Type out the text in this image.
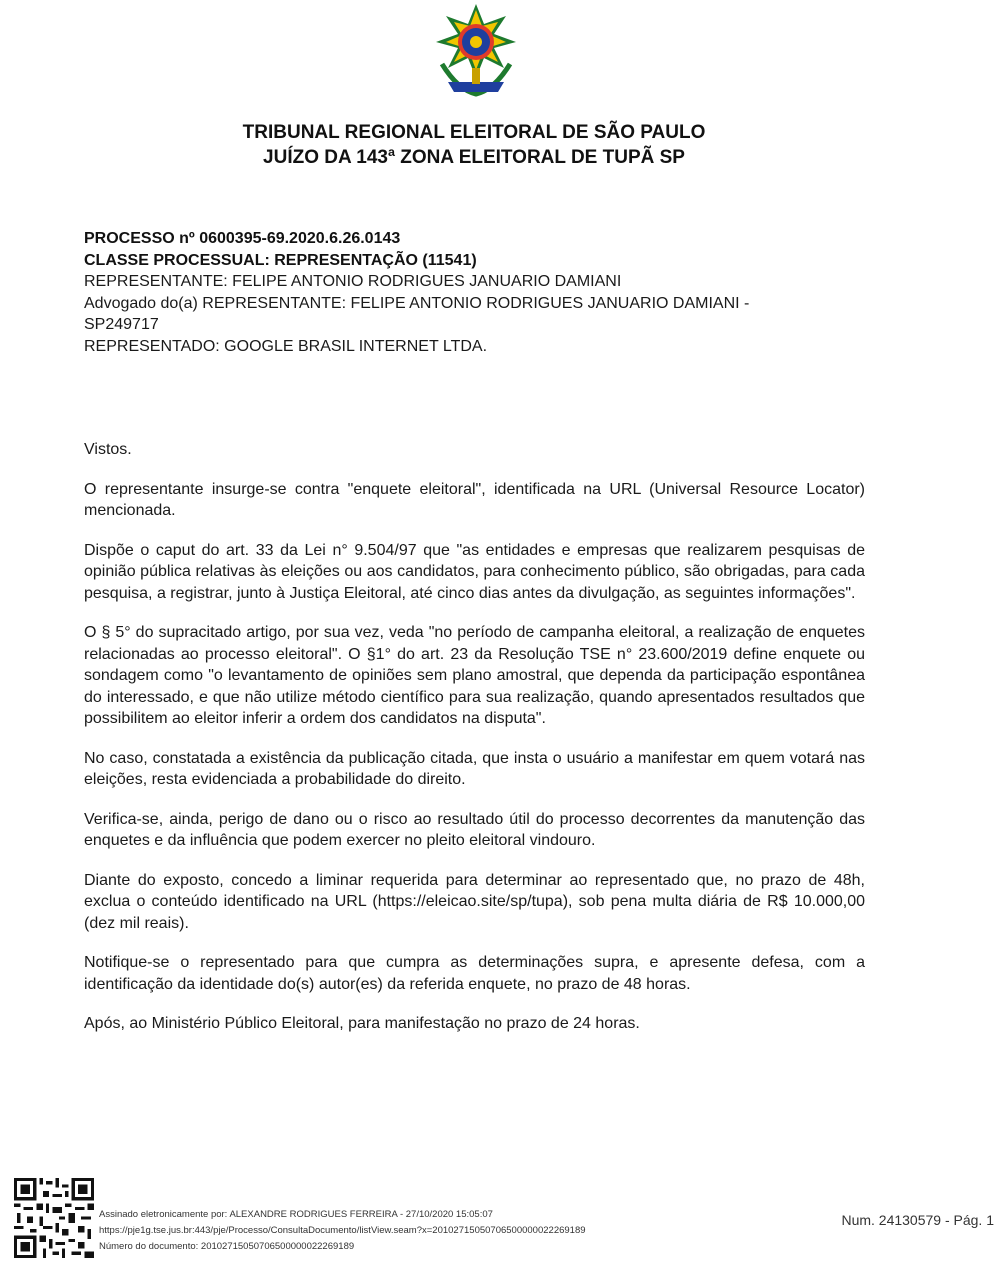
TRIBUNAL REGIONAL ELEITORAL DE SÃO PAULO
JUÍZO DA 143ª ZONA ELEITORAL DE TUPÃ SP
PROCESSO nº 0600395-69.2020.6.26.0143
CLASSE PROCESSUAL: REPRESENTAÇÃO (11541)
REPRESENTANTE: FELIPE ANTONIO RODRIGUES JANUARIO DAMIANI
Advogado do(a) REPRESENTANTE: FELIPE ANTONIO RODRIGUES JANUARIO DAMIANI -
SP249717
REPRESENTADO: GOOGLE BRASIL INTERNET LTDA.

Vistos.

O representante insurge-se contra "enquete eleitoral", identificada na URL (Universal Resource Locator) mencionada.

Dispõe o caput do art. 33 da Lei n° 9.504/97 que "as entidades e empresas que realizarem pesquisas de opinião pública relativas às eleições ou aos candidatos, para conhecimento público, são obrigadas, para cada pesquisa, a registrar, junto à Justiça Eleitoral, até cinco dias antes da divulgação, as seguintes informações".

O § 5° do supracitado artigo, por sua vez, veda "no período de campanha eleitoral, a realização de enquetes relacionadas ao processo eleitoral". O §1° do art. 23 da Resolução TSE n° 23.600/2019 define enquete ou sondagem como "o levantamento de opiniões sem plano amostral, que dependa da participação espontânea do interessado, e que não utilize método científico para sua realização, quando apresentados resultados que possibilitem ao eleitor inferir a ordem dos candidatos na disputa".

No caso, constatada a existência da publicação citada, que insta o usuário a manifestar em quem votará nas eleições, resta evidenciada a probabilidade do direito.

Verifica-se, ainda, perigo de dano ou o risco ao resultado útil do processo decorrentes da manutenção das enquetes e da influência que podem exercer no pleito eleitoral vindouro.

Diante do exposto, concedo a liminar requerida para determinar ao representado que, no prazo de 48h, exclua o conteúdo identificado na URL (https://eleicao.site/sp/tupa), sob pena multa diária de R$ 10.000,00 (dez mil reais).

Notifique-se o representado para que cumpra as determinações supra, e apresente defesa, com a identificação da identidade do(s) autor(es) da referida enquete, no prazo de 48 horas.

Após, ao Ministério Público Eleitoral, para manifestação no prazo de 24 horas.

Assinado eletronicamente por: ALEXANDRE RODRIGUES FERREIRA - 27/10/2020 15:05:07
https://pje1g.tse.jus.br:443/pje/Processo/ConsultaDocumento/listView.seam?x=20102715050706500000022269189
Número do documento: 20102715050706500000022269189
Num. 24130579 - Pág. 1
